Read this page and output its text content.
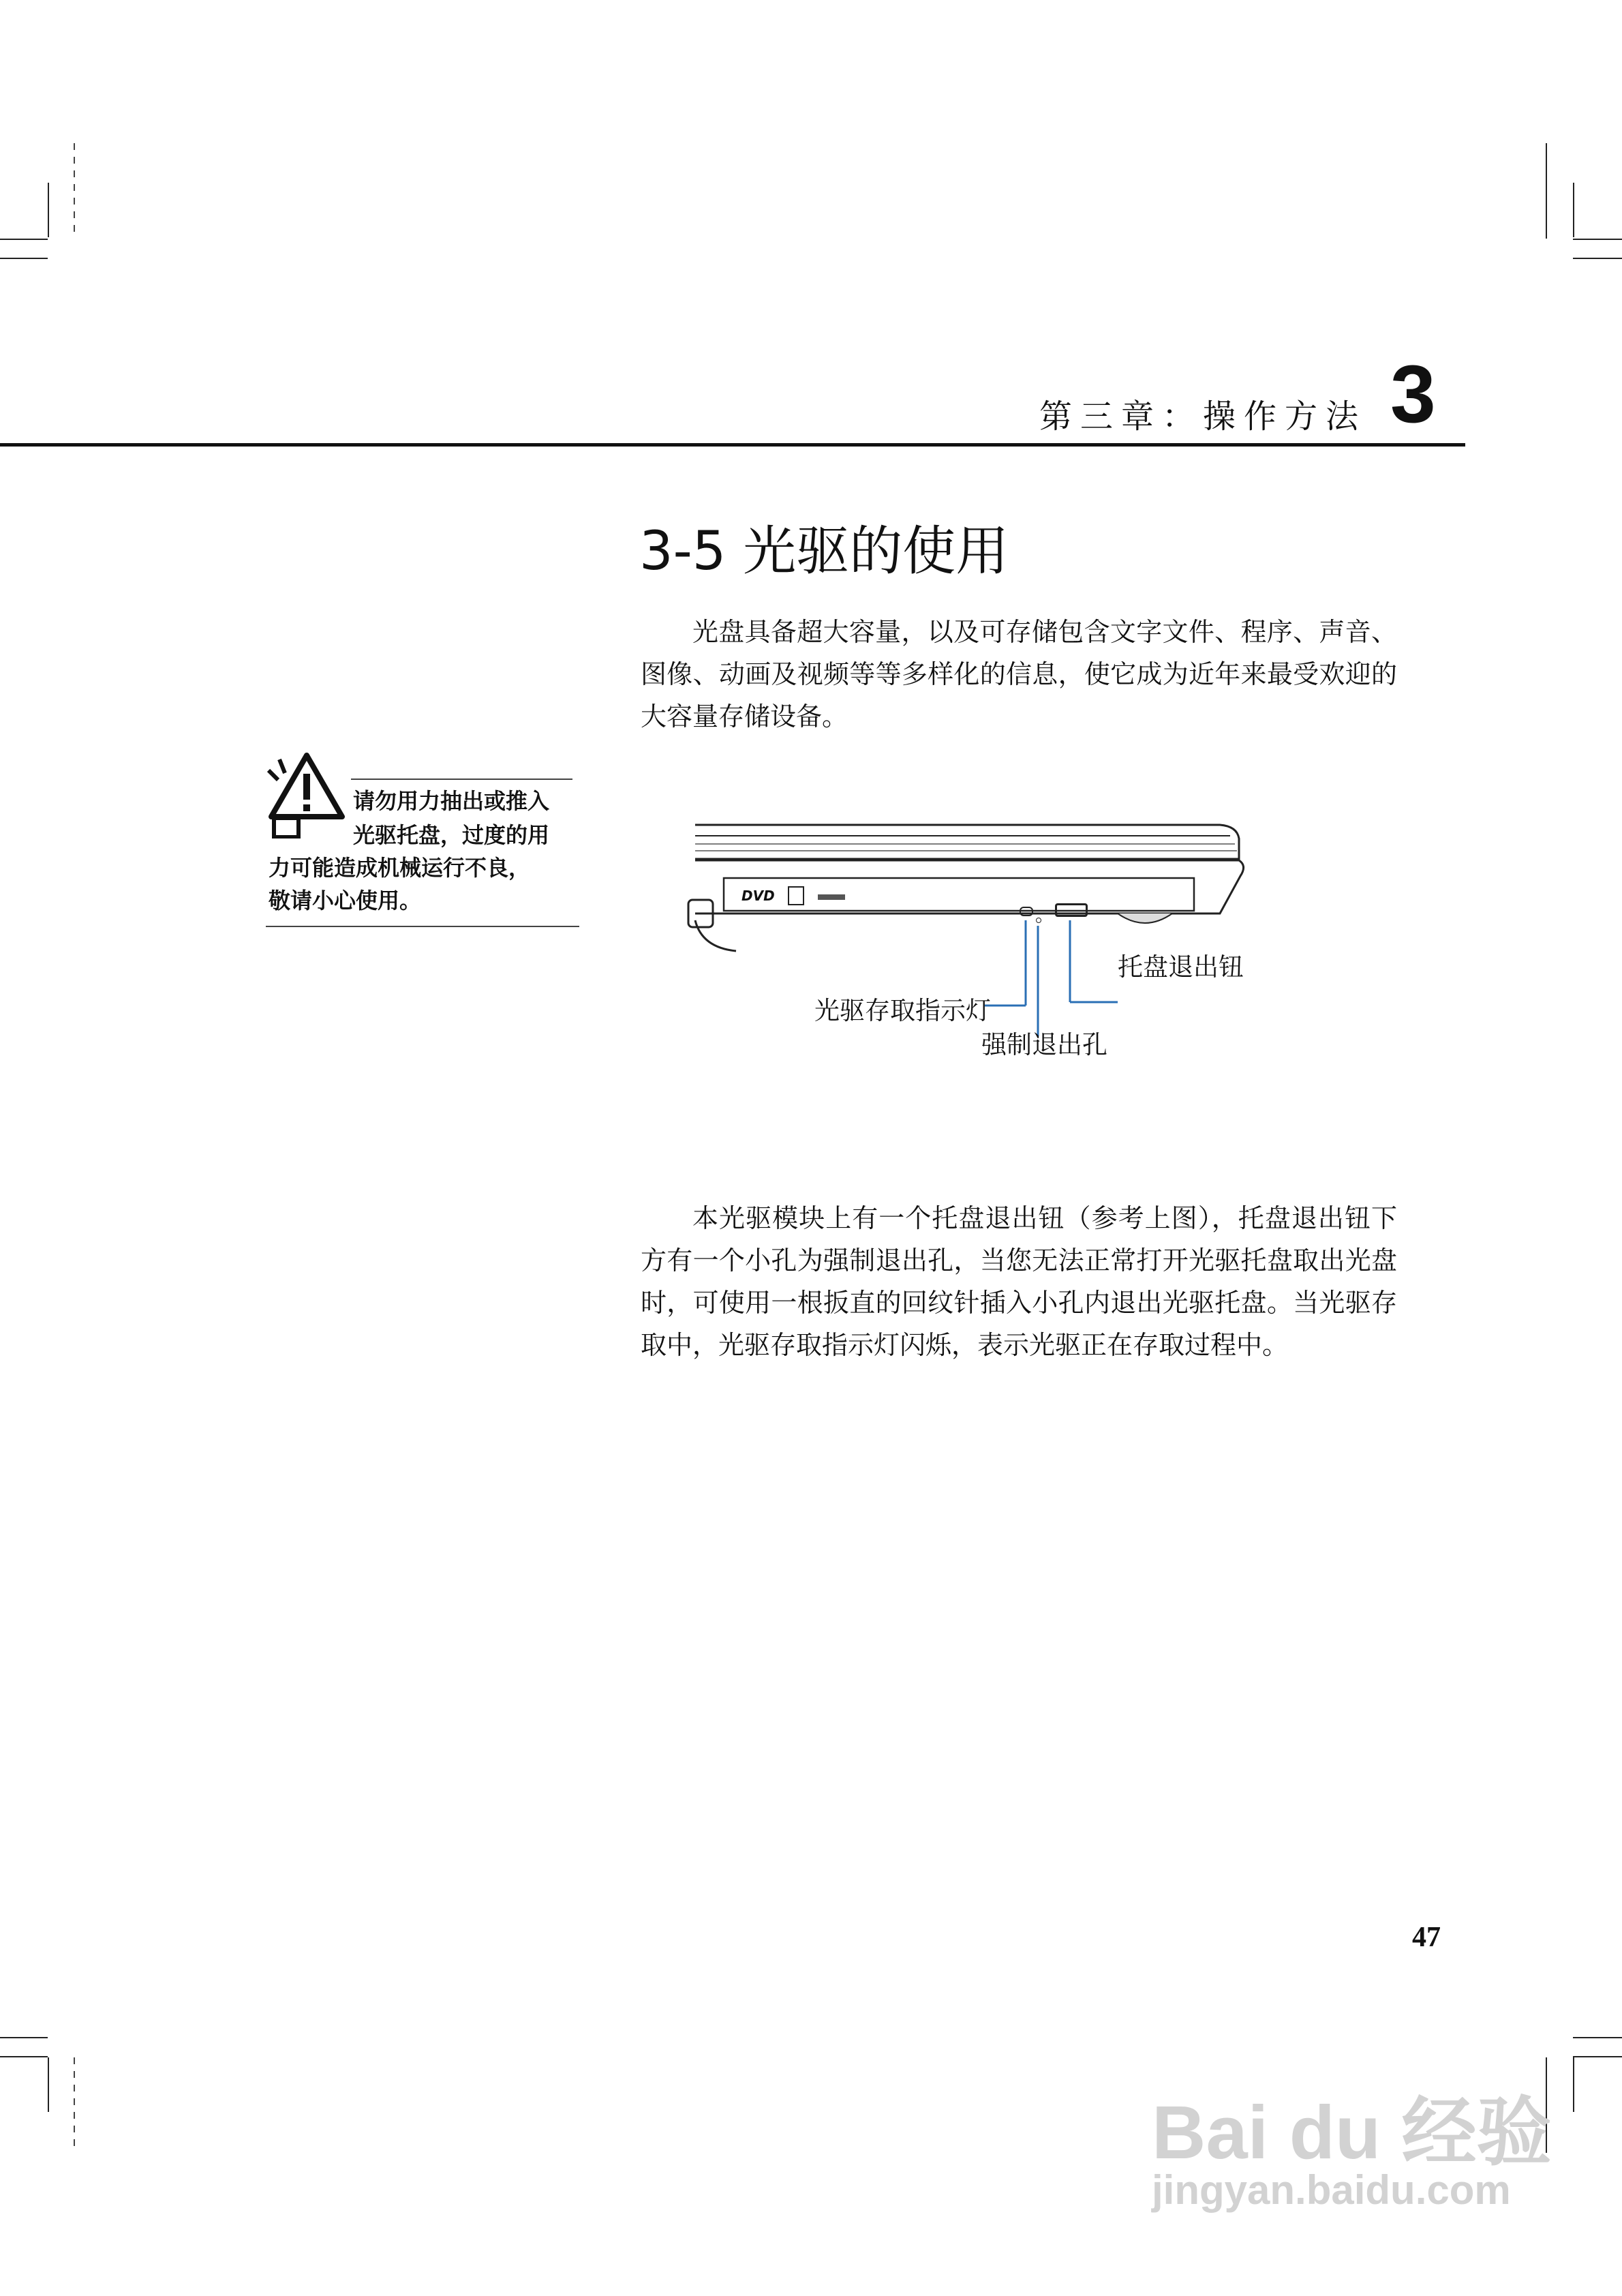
第三章：操作方法 3
3-5 光驱的使用
光盘具备超大容量，以及可存储包含文字文件、程序、声音、图像、动画及视频等等多样化的信息，使它成为近年来最受欢迎的大容量存储设备。
请勿用力抽出或推入
光驱托盘，过度的用
力可能造成机械运行不良，
敬请小心使用。	DVD
托盘退出钮
光驱存取指示灯
强制退出孔
本光驱模块上有一个托盘退出钮（参考上图），托盘退出钮下方有一个小孔为强制退出孔，当您无法正常打开光驱托盘取出光盘时，可使用一根扳直的回纹针插入小孔内退出光驱托盘。当光驱存取中，光驱存取指示灯闪烁，表示光驱正在存取过程中。
47
Bai du 经验
jingyan.baidu.com
